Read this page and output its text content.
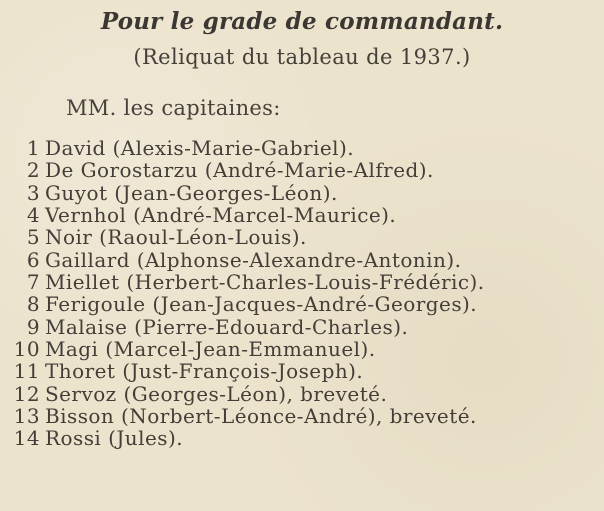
Pour le grade de commandant.
(Reliquat du tableau de 1937.)
MM. les capitaines:
1 David (Alexis-Marie-Gabriel).
2 De Gorostarzu (André-Marie-Alfred).
3 Guyot (Jean-Georges-Léon).
4 Vernhol (André-Marcel-Maurice).
5 Noir (Raoul-Léon-Louis).
6 Gaillard (Alphonse-Alexandre-Antonin).
7 Miellet (Herbert-Charles-Louis-Frédéric).
8 Ferigoule (Jean-Jacques-André-Georges).
9 Malaise (Pierre-Edouard-Charles).
10 Magi (Marcel-Jean-Emmanuel).
11 Thoret (Just-François-Joseph).
12 Servoz (Georges-Léon), breveté.
13 Bisson (Norbert-Léonce-André), breveté.
14 Rossi (Jules).
